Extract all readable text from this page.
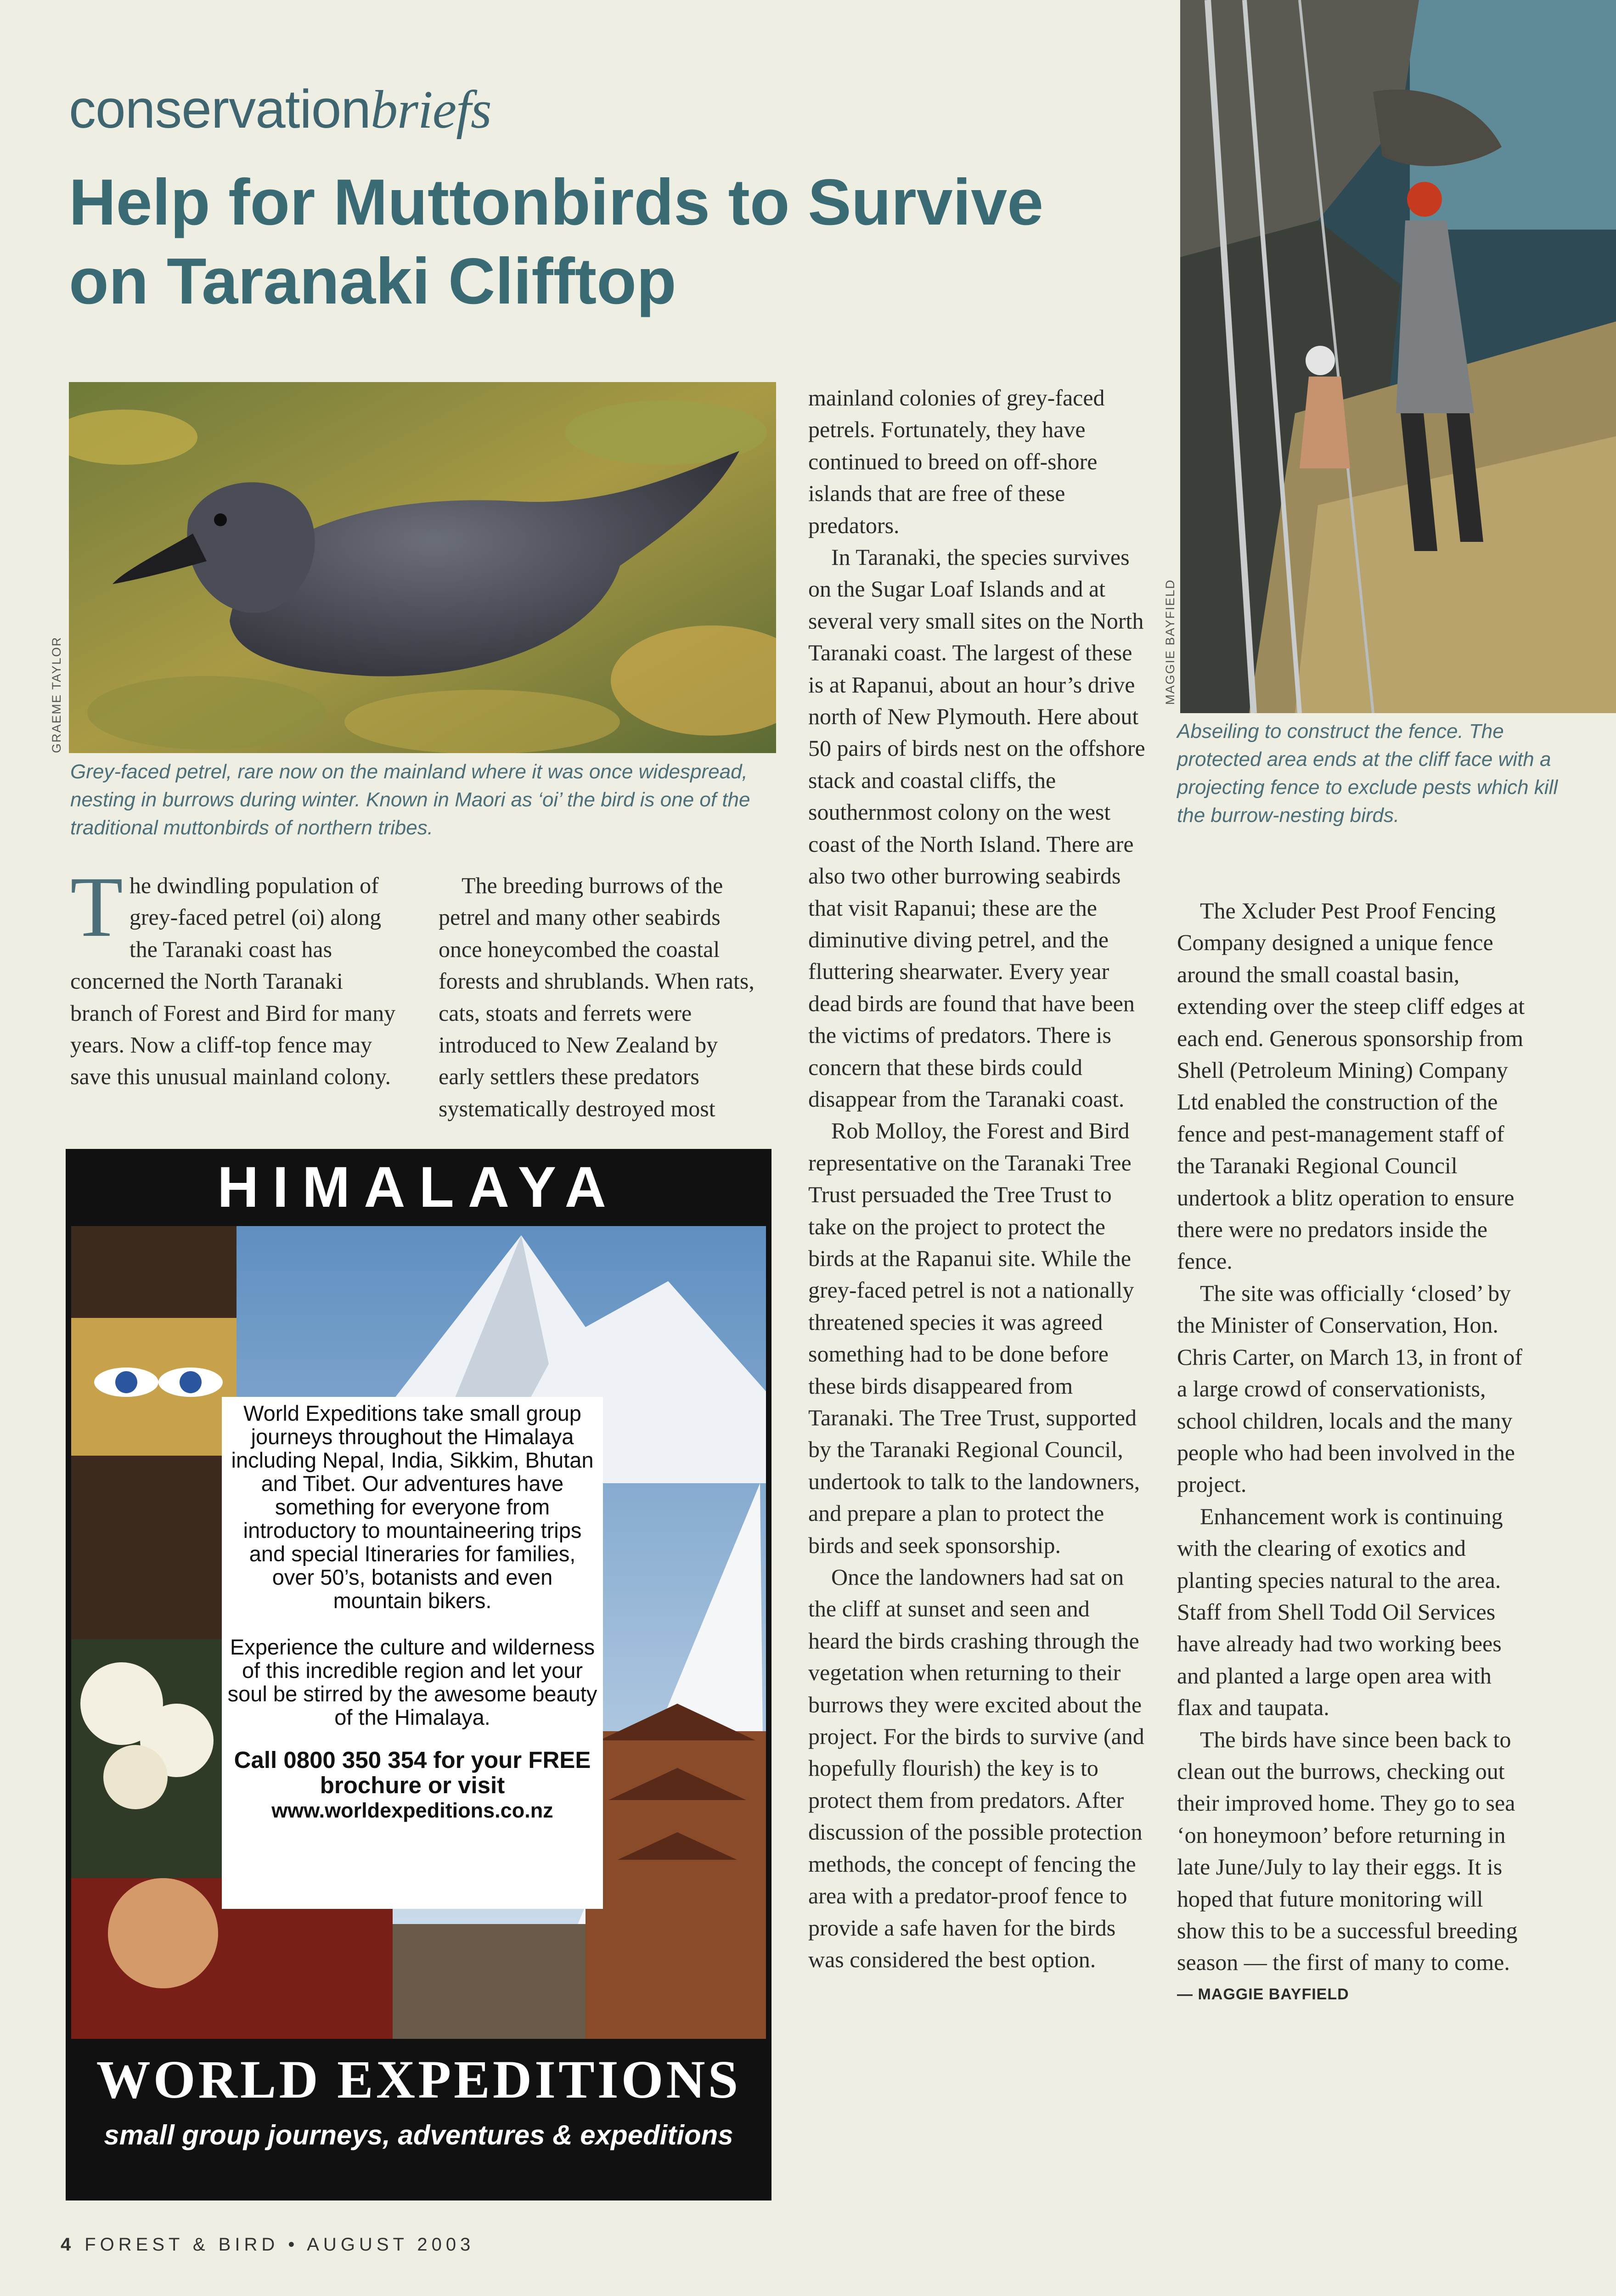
conservationbriefs
Help for Muttonbirds to Survive on Taranaki Clifftop
GRAEME TAYLOR
Grey-faced petrel, rare now on the mainland where it was once widespread, nesting in burrows during winter. Known in Maori as ‘oi’ the bird is one of the traditional muttonbirds of northern tribes.
MAGGIE BAYFIELD
Abseiling to construct the fence. The protected area ends at the cliff face with a projecting fence to exclude pests which kill the burrow-nesting birds.

The dwindling population of grey-faced petrel (oi) along the Taranaki coast has concerned the North Taranaki branch of Forest and Bird for many years. Now a cliff-top fence may save this unusual mainland colony.

The breeding burrows of the petrel and many other seabirds once honeycombed the coastal forests and shrublands. When rats, cats, stoats and ferrets were introduced to New Zealand by early settlers these predators systematically destroyed most

mainland colonies of grey-faced petrels. Fortunately, they have continued to breed on off-shore islands that are free of these predators.

In Taranaki, the species survives on the Sugar Loaf Islands and at several very small sites on the North Taranaki coast. The largest of these is at Rapanui, about an hour’s drive north of New Plymouth. Here about 50 pairs of birds nest on the offshore stack and coastal cliffs, the southernmost colony on the west coast of the North Island. There are also two other burrowing seabirds that visit Rapanui; these are the diminutive diving petrel, and the fluttering shearwater. Every year dead birds are found that have been the victims of predators. There is concern that these birds could disappear from the Taranaki coast.

Rob Molloy, the Forest and Bird representative on the Taranaki Tree Trust persuaded the Tree Trust to take on the project to protect the birds at the Rapanui site. While the grey-faced petrel is not a nationally threatened species it was agreed something had to be done before these birds disappeared from Taranaki. The Tree Trust, supported by the Taranaki Regional Council, undertook to talk to the landowners, and prepare a plan to protect the birds and seek sponsorship.

Once the landowners had sat on the cliff at sunset and seen and heard the birds crashing through the vegetation when returning to their burrows they were excited about the project. For the birds to survive (and hopefully flourish) the key is to protect them from predators. After discussion of the possible protection methods, the concept of fencing the area with a predator-proof fence to provide a safe haven for the birds was considered the best option.

The Xcluder Pest Proof Fencing Company designed a unique fence around the small coastal basin, extending over the steep cliff edges at each end. Generous sponsorship from Shell (Petroleum Mining) Company Ltd enabled the construction of the fence and pest-management staff of the Taranaki Regional Council undertook a blitz operation to ensure there were no predators inside the fence.

The site was officially ‘closed’ by the Minister of Conservation, Hon. Chris Carter, on March 13, in front of a large crowd of conservationists, school children, locals and the many people who had been involved in the project.

Enhancement work is continuing with the clearing of exotics and planting species natural to the area. Staff from Shell Todd Oil Services have already had two working bees and planted a large open area with flax and taupata.

The birds have since been back to clean out the burrows, checking out their improved home. They go to sea ‘on honeymoon’ before returning in late June/July to lay their eggs. It is hoped that future monitoring will show this to be a successful breeding season — the first of many to come.

— MAGGIE BAYFIELD

HIMALAYA

World Expeditions take small group journeys throughout the Himalaya including Nepal, India, Sikkim, Bhutan and Tibet. Our adventures have something for everyone from introductory to mountaineering trips and special Itineraries for families, over 50’s, botanists and even mountain bikers.

Experience the culture and wilderness of this incredible region and let your soul be stirred by the awesome beauty of the Himalaya.

Call 0800 350 354 for your FREE brochure or visit

www.worldexpeditions.co.nz

WORLD EXPEDITIONS
small group journeys, adventures & expeditions
4 FOREST & BIRD • AUGUST 2003
